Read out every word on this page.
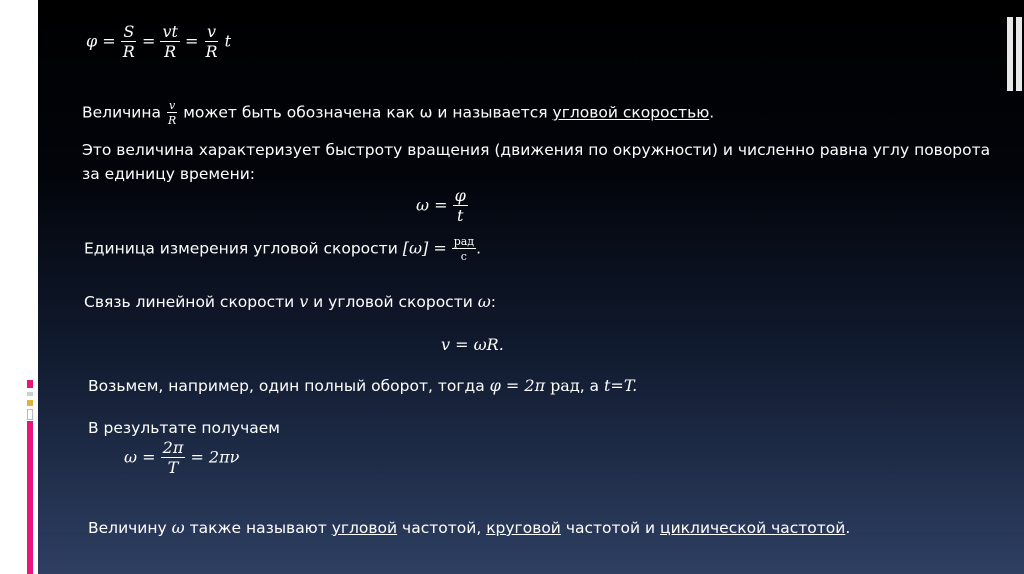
$\varphi = \frac{S}{R} = \frac{vt}{R} = \frac{v}{R}$ t
Величина $\frac{v}{R}$ может быть обозначена как ω и называется угловой скоростью.
Это величина характеризует быстроту вращения (движения по окружности) и численно равна углу поворота
за единицу времени:
$\omega = \frac{\varphi}{t}$
Единица измерения угловой скорости $[\omega] = \frac{\text{рад}}{с}$ .
Связь линейной скорости v и угловой скорости ω:
v = ωR.
Возьмем, например, один полный оборот, тогда φ = 2π рад, а t=T.
В результате получаем
$\omega = \frac{2\pi}{T} = 2\pi\nu$
Величину ω также называют угловой частотой, круговой частотой и циклической частотой.
